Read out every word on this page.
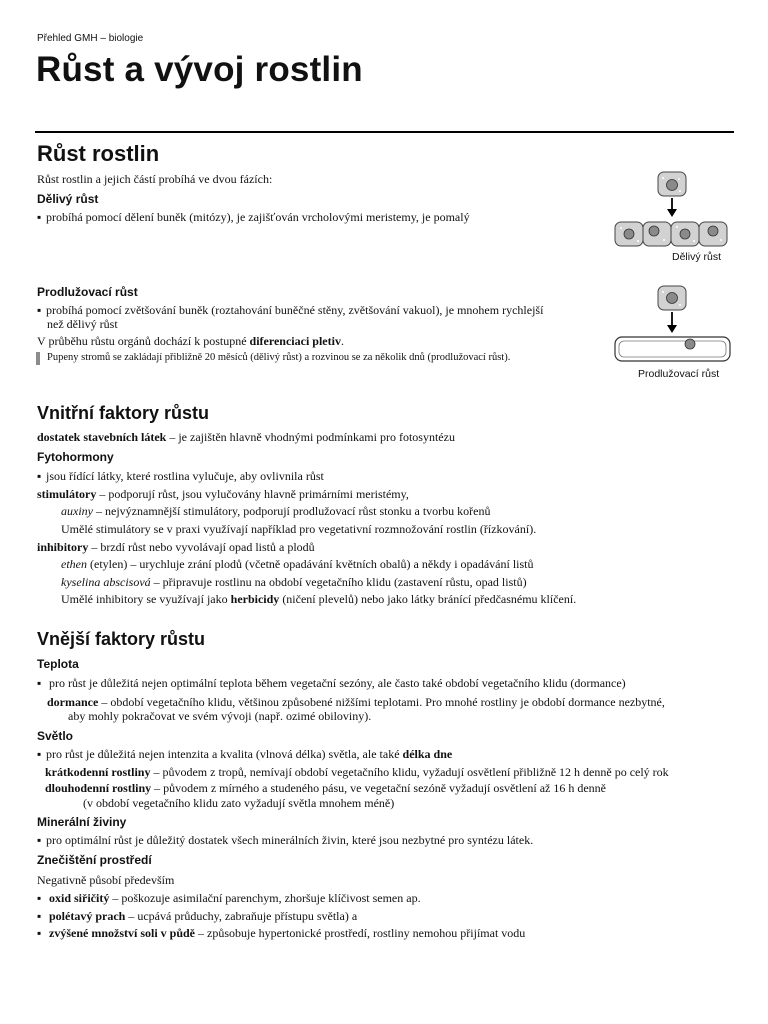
Přehled GMH – biologie
Růst a vývoj rostlin
Růst rostlin
Růst rostlin a jejich částí probíhá ve dvou fázích:
Dělivý růst
▪ probíhá pomocí dělení buněk (mitózy), je zajišťován vrcholovými meristemy, je pomalý
Dělivý růst
Prodlužovací růst
▪ probíhá pomocí zvětšování buněk (roztahování buněčné stěny, zvětšování vakuol), je mnohem rychlejší
než dělivý růst
V průběhu růstu orgánů dochází k postupné diferenciaci pletiv.
Pupeny stromů se zakládají přibližně 20 měsíců (dělivý růst) a rozvinou se za několik dnů (prodlužovací růst).
Prodlužovací růst
Vnitřní faktory růstu
dostatek stavebních látek – je zajištěn hlavně vhodnými podmínkami pro fotosyntézu
Fytohormony
▪ jsou řídící látky, které rostlina vylučuje, aby ovlivnila růst
stimulátory – podporují růst, jsou vylučovány hlavně primárními meristémy,
auxiny – nejvýznamnější stimulátory, podporují prodlužovací růst stonku a tvorbu kořenů
Umělé stimulátory se v praxi využívají například pro vegetativní rozmnožování rostlin (řízkování).
inhibitory – brzdí růst nebo vyvolávají opad listů a plodů
ethen (etylen) – urychluje zrání plodů (včetně opadávání květních obalů) a někdy i opadávání listů
kyselina abscisová – připravuje rostlinu na období vegetačního klidu (zastavení růstu, opad listů)
Umělé inhibitory se využívají jako herbicidy (ničení plevelů) nebo jako látky bránící předčasnému klíčení.
Vnější faktory růstu
Teplota
▪ pro růst je důležitá nejen optimální teplota během vegetační sezóny, ale často také období vegetačního klidu (dormance)
dormance – období vegetačního klidu, většinou způsobené nižšími teplotami. Pro mnohé rostliny je období dormance nezbytné,
aby mohly pokračovat ve svém vývoji (např. ozimé obiloviny).
Světlo
▪ pro růst je důležitá nejen intenzita a kvalita (vlnová délka) světla, ale také délka dne
krátkodenní rostliny – původem z tropů, nemívají období vegetačního klidu, vyžadují osvětlení přibližně 12 h denně po celý rok
dlouhodenní rostliny – původem z mírného a studeného pásu, ve vegetační sezóně vyžadují osvětlení až 16 h denně
(v období vegetačního klidu zato vyžadují světla mnohem méně)
Minerální živiny
▪ pro optimální růst je důležitý dostatek všech minerálních živin, které jsou nezbytné pro syntézu látek.
Znečištění prostředí
Negativně působí především
▪ oxid siřičitý – poškozuje asimilační parenchym, zhoršuje klíčivost semen ap.
▪ polétavý prach – ucpává průduchy, zabraňuje přístupu světla) a
▪ zvýšené množství soli v půdě – způsobuje hypertonické prostředí, rostliny nemohou přijímat vodu
